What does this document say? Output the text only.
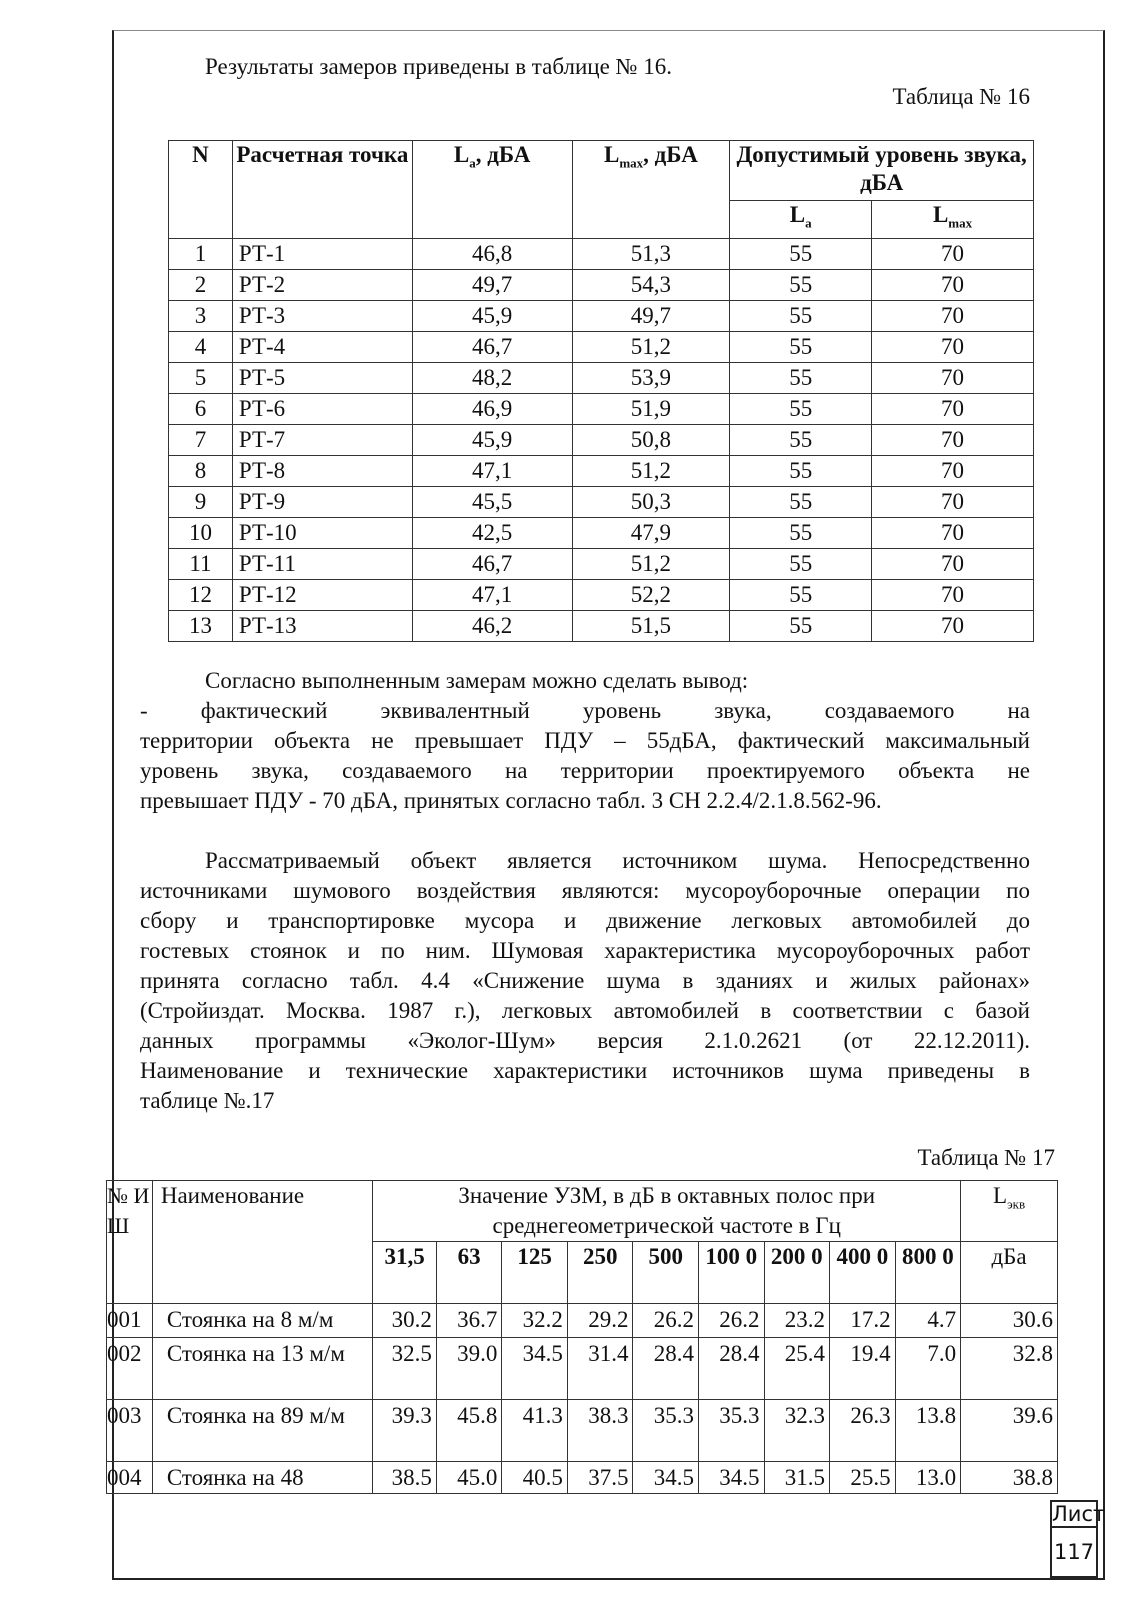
Результаты замеров приведены в таблице № 16.

Таблица № 16

N	Расчетная точка	$L_a$, дБА	$L_{max}$, дБА	Допустимый уровень звука, дБА	
				$L_a$	$L_{max}$
1	РТ-1	46,8	51,3	55	70
2	РТ-2	49,7	54,3	55	70
3	РТ-3	45,9	49,7	55	70
4	РТ-4	46,7	51,2	55	70
5	РТ-5	48,2	53,9	55	70
6	РТ-6	46,9	51,9	55	70
7	РТ-7	45,9	50,8	55	70
8	РТ-8	47,1	51,2	55	70
9	РТ-9	45,5	50,3	55	70
10	РТ-10	42,5	47,9	55	70
11	РТ-11	46,7	51,2	55	70
12	РТ-12	47,1	52,2	55	70
13	РТ-13	46,2	51,5	55	70

Согласно выполненным замерам можно сделать вывод:

- фактический эквивалентный уровень звука, создаваемого на

территории объекта не превышает ПДУ – 55дБА, фактический максимальный

уровень звука, создаваемого на территории проектируемого объекта не

превышает ПДУ - 70 дБА, принятых согласно табл. 3 СН 2.2.4/2.1.8.562-96.

Рассматриваемый объект является источником шума. Непосредственно

источниками шумового воздействия являются: мусороуборочные операции по

сбору и транспортировке мусора и движение легковых автомобилей до

гостевых стоянок и по ним. Шумовая характеристика мусороуборочных работ

принята согласно табл. 4.4 «Снижение шума в зданиях и жилых районах»

(Стройиздат. Москва. 1987 г.), легковых автомобилей в соответствии с базой

данных программы «Эколог-Шум» версия 2.1.0.2621 (от 22.12.2011).

Наименование и технические характеристики источников шума приведены в

таблице №.17

Таблица № 17

№ И Ш	Наименование	Значение УЗМ, в дБ в октавных полос при среднегеометрической частоте в Гц									$L_{экв}$
		31,5	63	125	250	500	100 0	200 0	400 0	800 0	дБа
001	Стоянка на 8 м/м	30.2	36.7	32.2	29.2	26.2	26.2	23.2	17.2	4.7	30.6
002	Стоянка на 13 м/м	32.5	39.0	34.5	31.4	28.4	28.4	25.4	19.4	7.0	32.8
003	Стоянка на 89 м/м	39.3	45.8	41.3	38.3	35.3	35.3	32.3	26.3	13.8	39.6
004	Стоянка на 48	38.5	45.0	40.5	37.5	34.5	34.5	31.5	25.5	13.0	38.8
Лист
117
